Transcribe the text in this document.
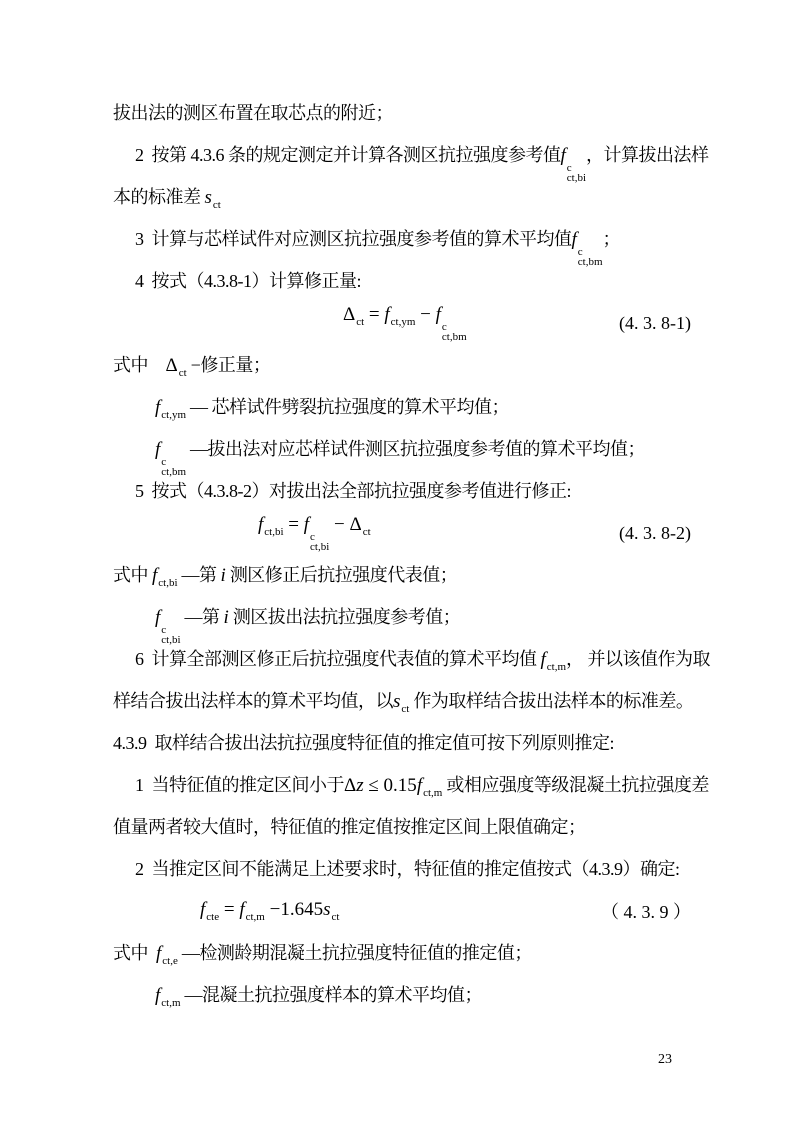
拔出法的测区布置在取芯点的附近；
2  按第 4.3.6 条的规定测定并计算各测区抗拉强度参考值f
c
ct,bi
，计算拔出法样
本的标准差 $s_{ct}$
3  计算与芯样试件对应测区抗拉强度参考值的算术平均值f
c
ct,bm
；
4  按式（4.3.8-1）计算修正量:
$\Delta_{ct} = f_{ct,ym} - f$
c
ct,bm
(4. 3. 8-1)
式中　$\Delta_{ct}$ −修正量；
$f_{ct,ym}$ — 芯样试件劈裂抗拉强度的算术平均值；
f
c
ct,bm
—拔出法对应芯样试件测区抗拉强度参考值的算术平均值；
5  按式（4.3.8-2）对拔出法全部抗拉强度参考值进行修正:
$f_{ct,bi} = f$
c
ct,bi
− $\Delta_{ct}$	(4. 3. 8-2)
式中 $f_{ct,bi}$ —第 i 测区修正后抗拉强度代表值；
f
c
ct,bi
—第 i 测区拔出法抗拉强度参考值；
6  计算全部测区修正后抗拉强度代表值的算术平均值 $f_{ct,m}$， 并以该值作为取
样结合拔出法样本的算术平均值，以$s_{ct}$ 作为取样结合拔出法样本的标准差。
4.3.9  取样结合拔出法抗拉强度特征值的推定值可按下列原则推定:
1  当特征值的推定区间小于$\Delta z \le 0.15f_{ct,m}$ 或相应强度等级混凝土抗拉强度差
值量两者较大值时，特征值的推定值按推定区间上限值确定；
2  当推定区间不能满足上述要求时，特征值的推定值按式（4.3.9）确定:
$f_{cte} = f_{ct,m} -1.645s_{ct}$	（ 4. 3. 9 ）
式中  $f_{ct,e}$ —检测龄期混凝土抗拉强度特征值的推定值；
$f_{ct,m}$ —混凝土抗拉强度样本的算术平均值；
23
